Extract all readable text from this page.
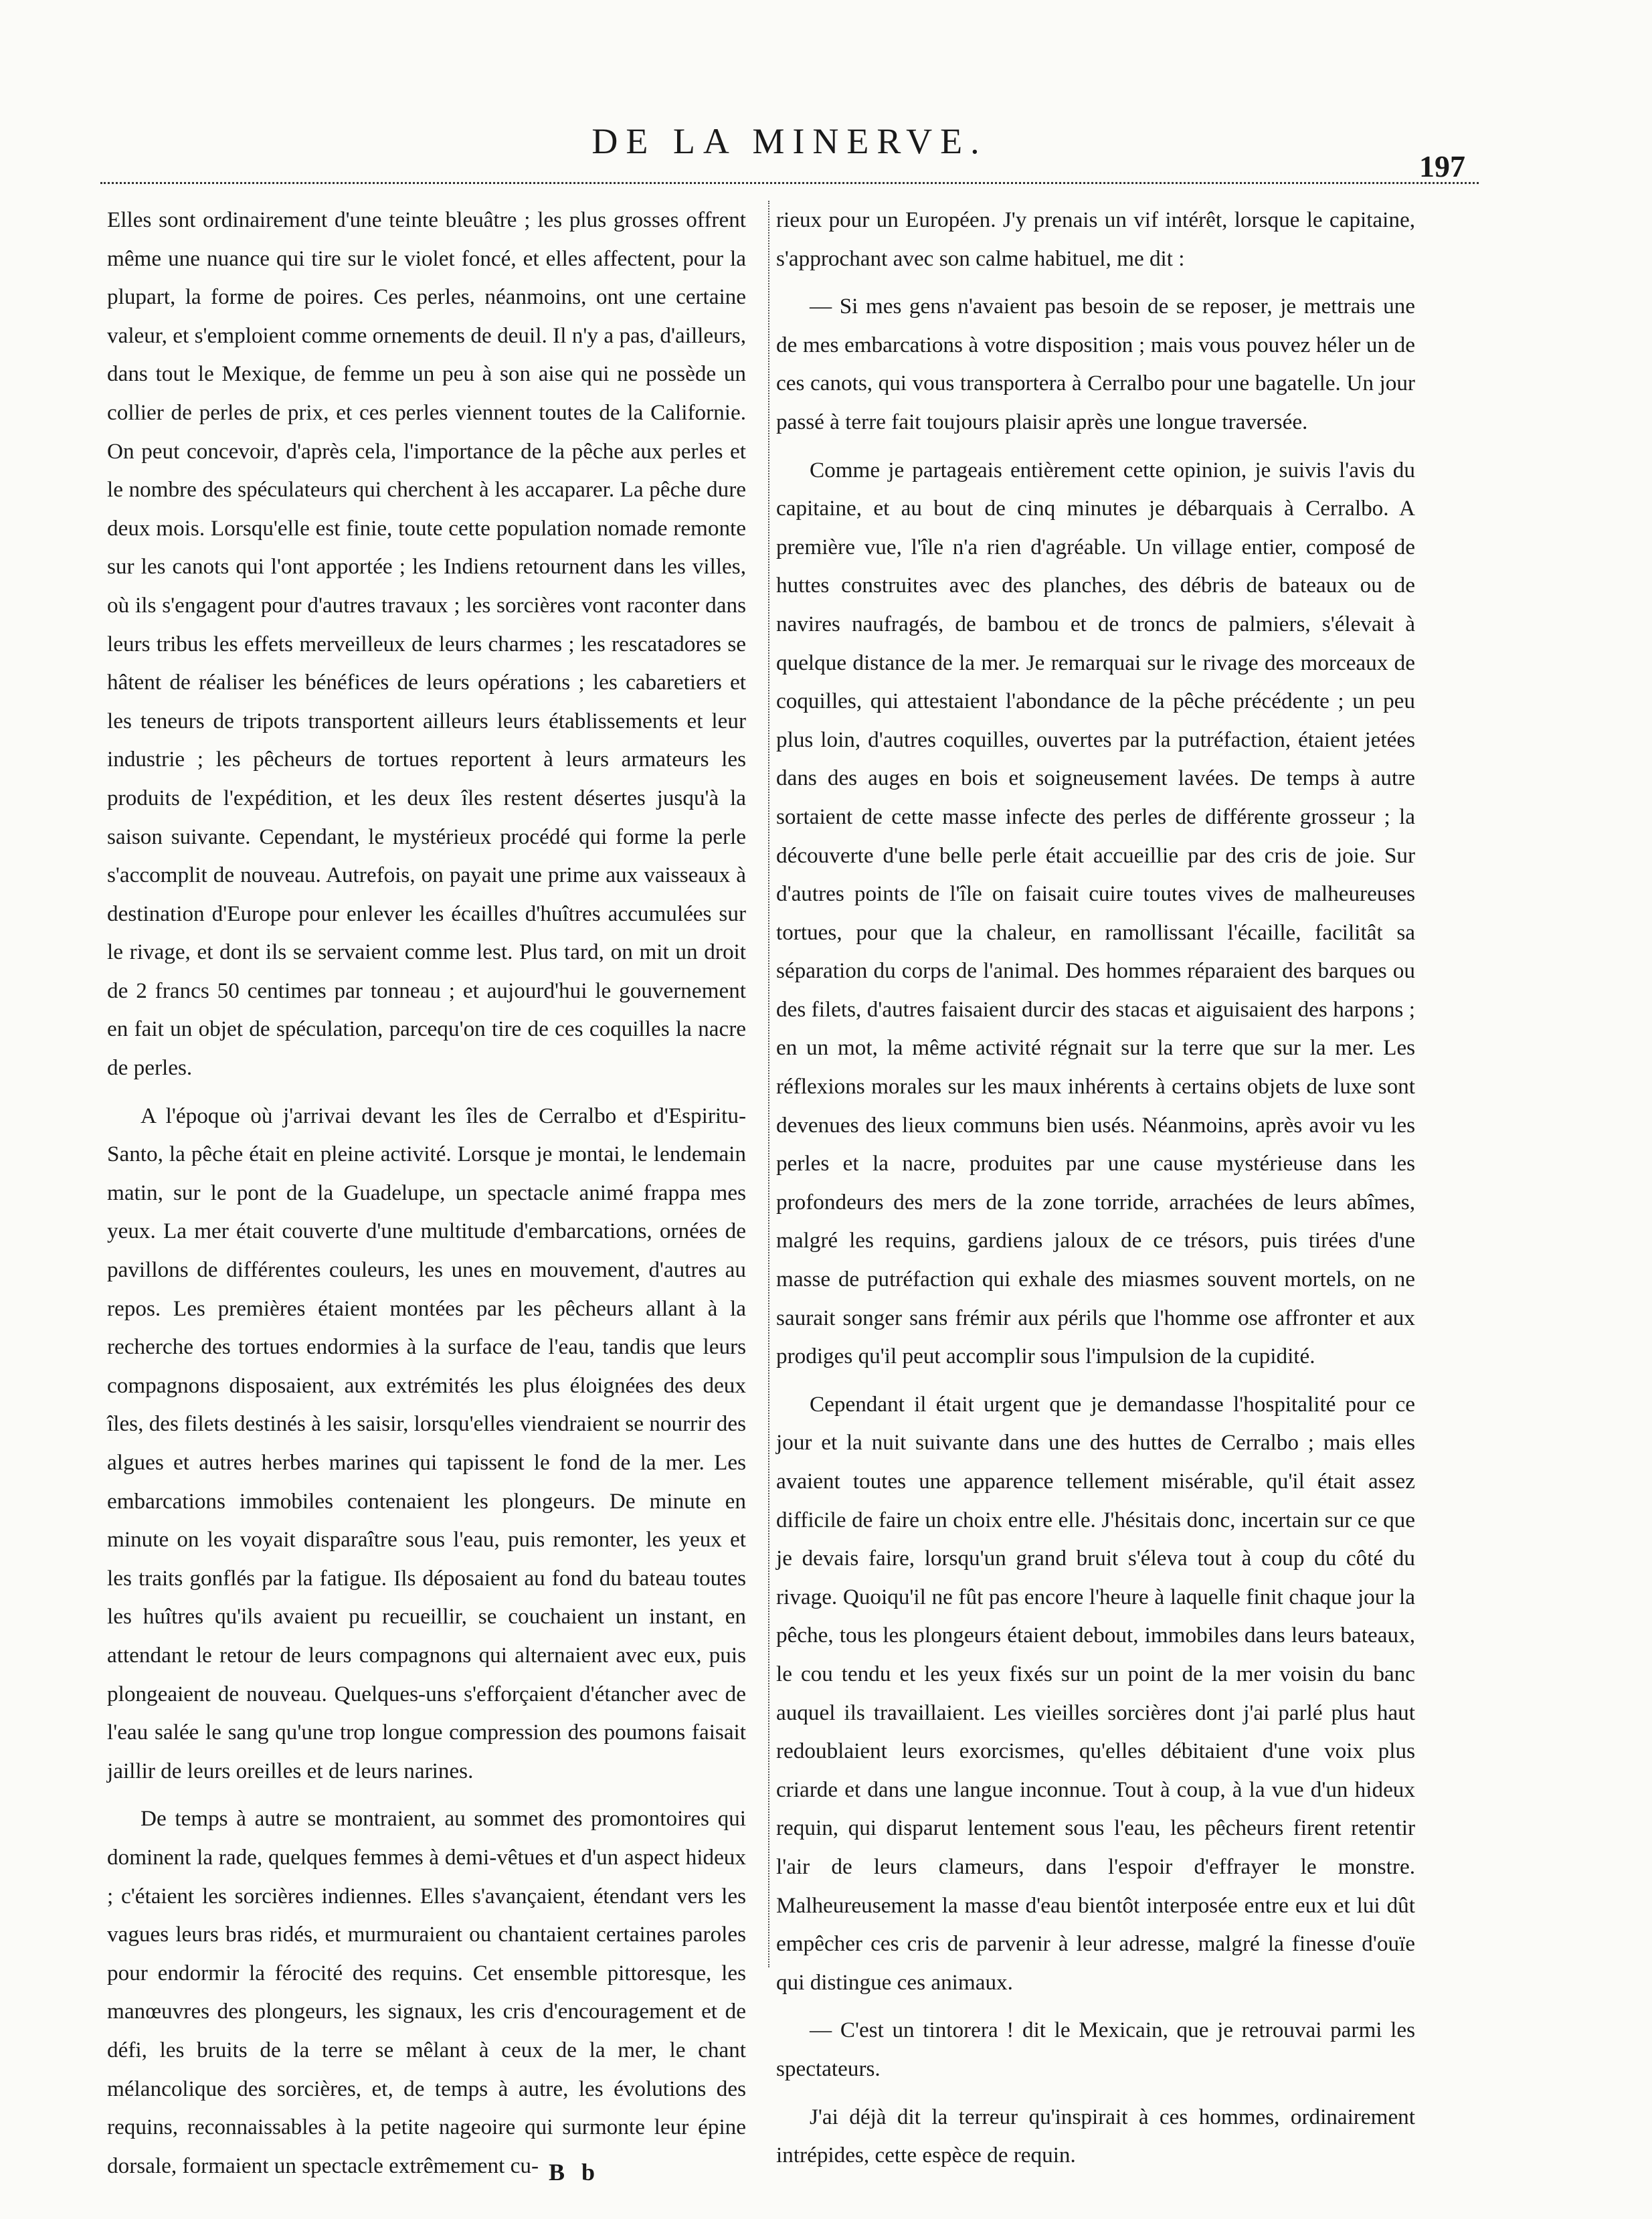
DE LA MINERVE.
197

Elles sont ordinairement d'une teinte bleuâtre ; les plus grosses offrent même une nuance qui tire sur le violet foncé, et elles affectent, pour la plupart, la forme de poires. Ces perles, néanmoins, ont une certaine valeur, et s'emploient comme ornements de deuil. Il n'y a pas, d'ailleurs, dans tout le Mexique, de femme un peu à son aise qui ne possède un collier de perles de prix, et ces perles viennent toutes de la Californie. On peut concevoir, d'après cela, l'importance de la pêche aux perles et le nombre des spéculateurs qui cherchent à les accaparer. La pêche dure deux mois. Lorsqu'elle est finie, toute cette population nomade remonte sur les canots qui l'ont apportée ; les Indiens retournent dans les villes, où ils s'engagent pour d'autres travaux ; les sorcières vont raconter dans leurs tribus les effets merveilleux de leurs charmes ; les rescatadores se hâtent de réaliser les bénéfices de leurs opérations ; les cabaretiers et les teneurs de tripots transportent ailleurs leurs établissements et leur industrie ; les pêcheurs de tortues reportent à leurs armateurs les produits de l'expédition, et les deux îles restent désertes jusqu'à la saison suivante. Cependant, le mystérieux procédé qui forme la perle s'accomplit de nouveau. Autrefois, on payait une prime aux vaisseaux à destination d'Europe pour enlever les écailles d'huîtres accumulées sur le rivage, et dont ils se servaient comme lest. Plus tard, on mit un droit de 2 francs 50 centimes par tonneau ; et aujourd'hui le gouvernement en fait un objet de spéculation, parcequ'on tire de ces coquilles la nacre de perles.

A l'époque où j'arrivai devant les îles de Cerralbo et d'Espiritu-Santo, la pêche était en pleine activité. Lorsque je montai, le lendemain matin, sur le pont de la Guadelupe, un spectacle animé frappa mes yeux. La mer était couverte d'une multitude d'embarcations, ornées de pavillons de différentes couleurs, les unes en mouvement, d'autres au repos. Les premières étaient montées par les pêcheurs allant à la recherche des tortues endormies à la surface de l'eau, tandis que leurs compagnons disposaient, aux extrémités les plus éloignées des deux îles, des filets destinés à les saisir, lorsqu'elles viendraient se nourrir des algues et autres herbes marines qui tapissent le fond de la mer. Les embarcations immobiles contenaient les plongeurs. De minute en minute on les voyait disparaître sous l'eau, puis remonter, les yeux et les traits gonflés par la fatigue. Ils déposaient au fond du bateau toutes les huîtres qu'ils avaient pu recueillir, se couchaient un instant, en attendant le retour de leurs compagnons qui alternaient avec eux, puis plongeaient de nouveau. Quelques-uns s'efforçaient d'étancher avec de l'eau salée le sang qu'une trop longue compression des poumons faisait jaillir de leurs oreilles et de leurs narines.

De temps à autre se montraient, au sommet des promontoires qui dominent la rade, quelques femmes à demi-vêtues et d'un aspect hideux ; c'étaient les sorcières indiennes. Elles s'avançaient, étendant vers les vagues leurs bras ridés, et murmuraient ou chantaient certaines paroles pour endormir la férocité des requins. Cet ensemble pittoresque, les manœuvres des plongeurs, les signaux, les cris d'encouragement et de défi, les bruits de la terre se mêlant à ceux de la mer, le chant mélancolique des sorcières, et, de temps à autre, les évolutions des requins, reconnaissables à la petite nageoire qui surmonte leur épine dorsale, formaient un spectacle extrêmement cu-

rieux pour un Européen. J'y prenais un vif intérêt, lorsque le capitaine, s'approchant avec son calme habituel, me dit :

— Si mes gens n'avaient pas besoin de se reposer, je mettrais une de mes embarcations à votre disposition ; mais vous pouvez héler un de ces canots, qui vous transportera à Cerralbo pour une bagatelle. Un jour passé à terre fait toujours plaisir après une longue traversée.

Comme je partageais entièrement cette opinion, je suivis l'avis du capitaine, et au bout de cinq minutes je débarquais à Cerralbo. A première vue, l'île n'a rien d'agréable. Un village entier, composé de huttes construites avec des planches, des débris de bateaux ou de navires naufragés, de bambou et de troncs de palmiers, s'élevait à quelque distance de la mer. Je remarquai sur le rivage des morceaux de coquilles, qui attestaient l'abondance de la pêche précédente ; un peu plus loin, d'autres coquilles, ouvertes par la putréfaction, étaient jetées dans des auges en bois et soigneusement lavées. De temps à autre sortaient de cette masse infecte des perles de différente grosseur ; la découverte d'une belle perle était accueillie par des cris de joie. Sur d'autres points de l'île on faisait cuire toutes vives de malheureuses tortues, pour que la chaleur, en ramollissant l'écaille, facilitât sa séparation du corps de l'animal. Des hommes réparaient des barques ou des filets, d'autres faisaient durcir des stacas et aiguisaient des harpons ; en un mot, la même activité régnait sur la terre que sur la mer. Les réflexions morales sur les maux inhérents à certains objets de luxe sont devenues des lieux communs bien usés. Néanmoins, après avoir vu les perles et la nacre, produites par une cause mystérieuse dans les profondeurs des mers de la zone torride, arrachées de leurs abîmes, malgré les requins, gardiens jaloux de ce trésors, puis tirées d'une masse de putréfaction qui exhale des miasmes souvent mortels, on ne saurait songer sans frémir aux périls que l'homme ose affronter et aux prodiges qu'il peut accomplir sous l'impulsion de la cupidité.

Cependant il était urgent que je demandasse l'hospitalité pour ce jour et la nuit suivante dans une des huttes de Cerralbo ; mais elles avaient toutes une apparence tellement misérable, qu'il était assez difficile de faire un choix entre elle. J'hésitais donc, incertain sur ce que je devais faire, lorsqu'un grand bruit s'éleva tout à coup du côté du rivage. Quoiqu'il ne fût pas encore l'heure à laquelle finit chaque jour la pêche, tous les plongeurs étaient debout, immobiles dans leurs bateaux, le cou tendu et les yeux fixés sur un point de la mer voisin du banc auquel ils travaillaient. Les vieilles sorcières dont j'ai parlé plus haut redoublaient leurs exorcismes, qu'elles débitaient d'une voix plus criarde et dans une langue inconnue. Tout à coup, à la vue d'un hideux requin, qui disparut lentement sous l'eau, les pêcheurs firent retentir l'air de leurs clameurs, dans l'espoir d'effrayer le monstre. Malheureusement la masse d'eau bientôt interposée entre eux et lui dût empêcher ces cris de parvenir à leur adresse, malgré la finesse d'ouïe qui distingue ces animaux.

— C'est un tintorera ! dit le Mexicain, que je retrouvai parmi les spectateurs.

J'ai déjà dit la terreur qu'inspirait à ces hommes, ordinairement intrépides, cette espèce de requin.

B b
